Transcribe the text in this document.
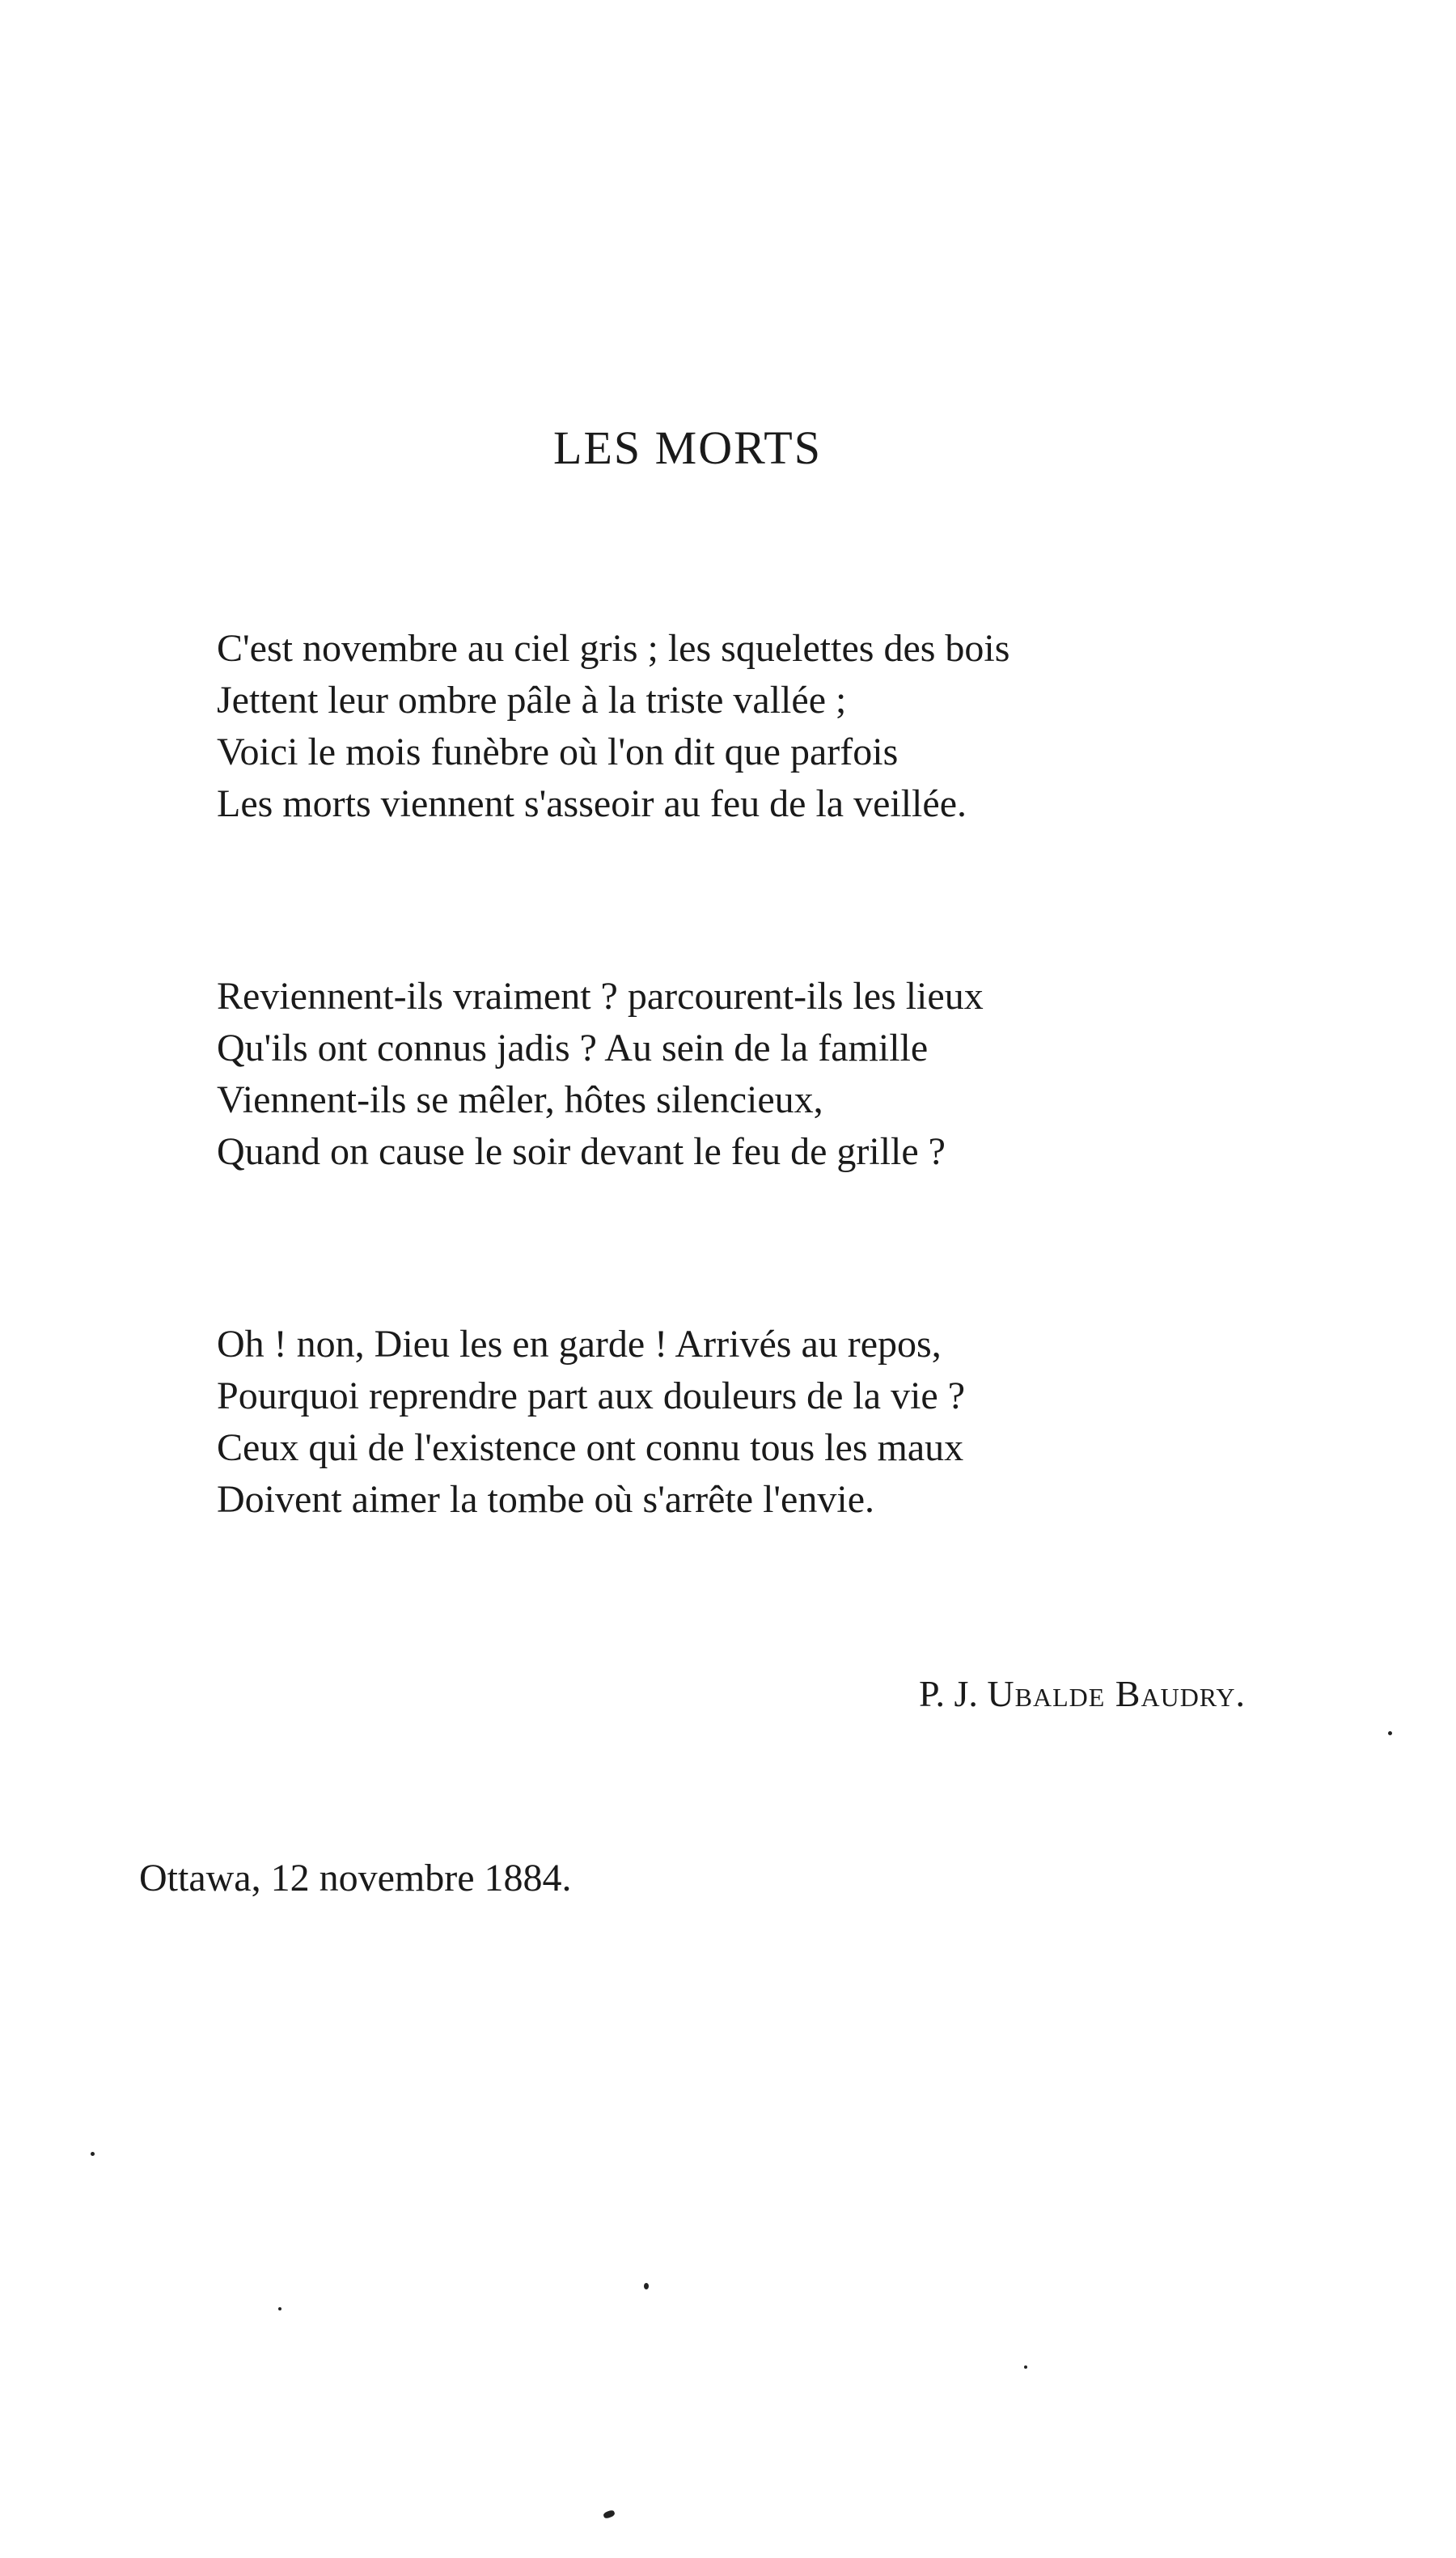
LES MORTS
C'est novembre au ciel gris ; les squelettes des bois
Jettent leur ombre pâle à la triste vallée ;
Voici le mois funèbre où l'on dit que parfois
Les morts viennent s'asseoir au feu de la veillée.
Reviennent-ils vraiment ? parcourent-ils les lieux
Qu'ils ont connus jadis ? Au sein de la famille
Viennent-ils se mêler, hôtes silencieux,
Quand on cause le soir devant le feu de grille ?
Oh ! non, Dieu les en garde ! Arrivés au repos,
Pourquoi reprendre part aux douleurs de la vie ?
Ceux qui de l'existence ont connu tous les maux
Doivent aimer la tombe où s'arrête l'envie.
P. J. Ubalde Baudry.
Ottawa, 12 novembre 1884.
